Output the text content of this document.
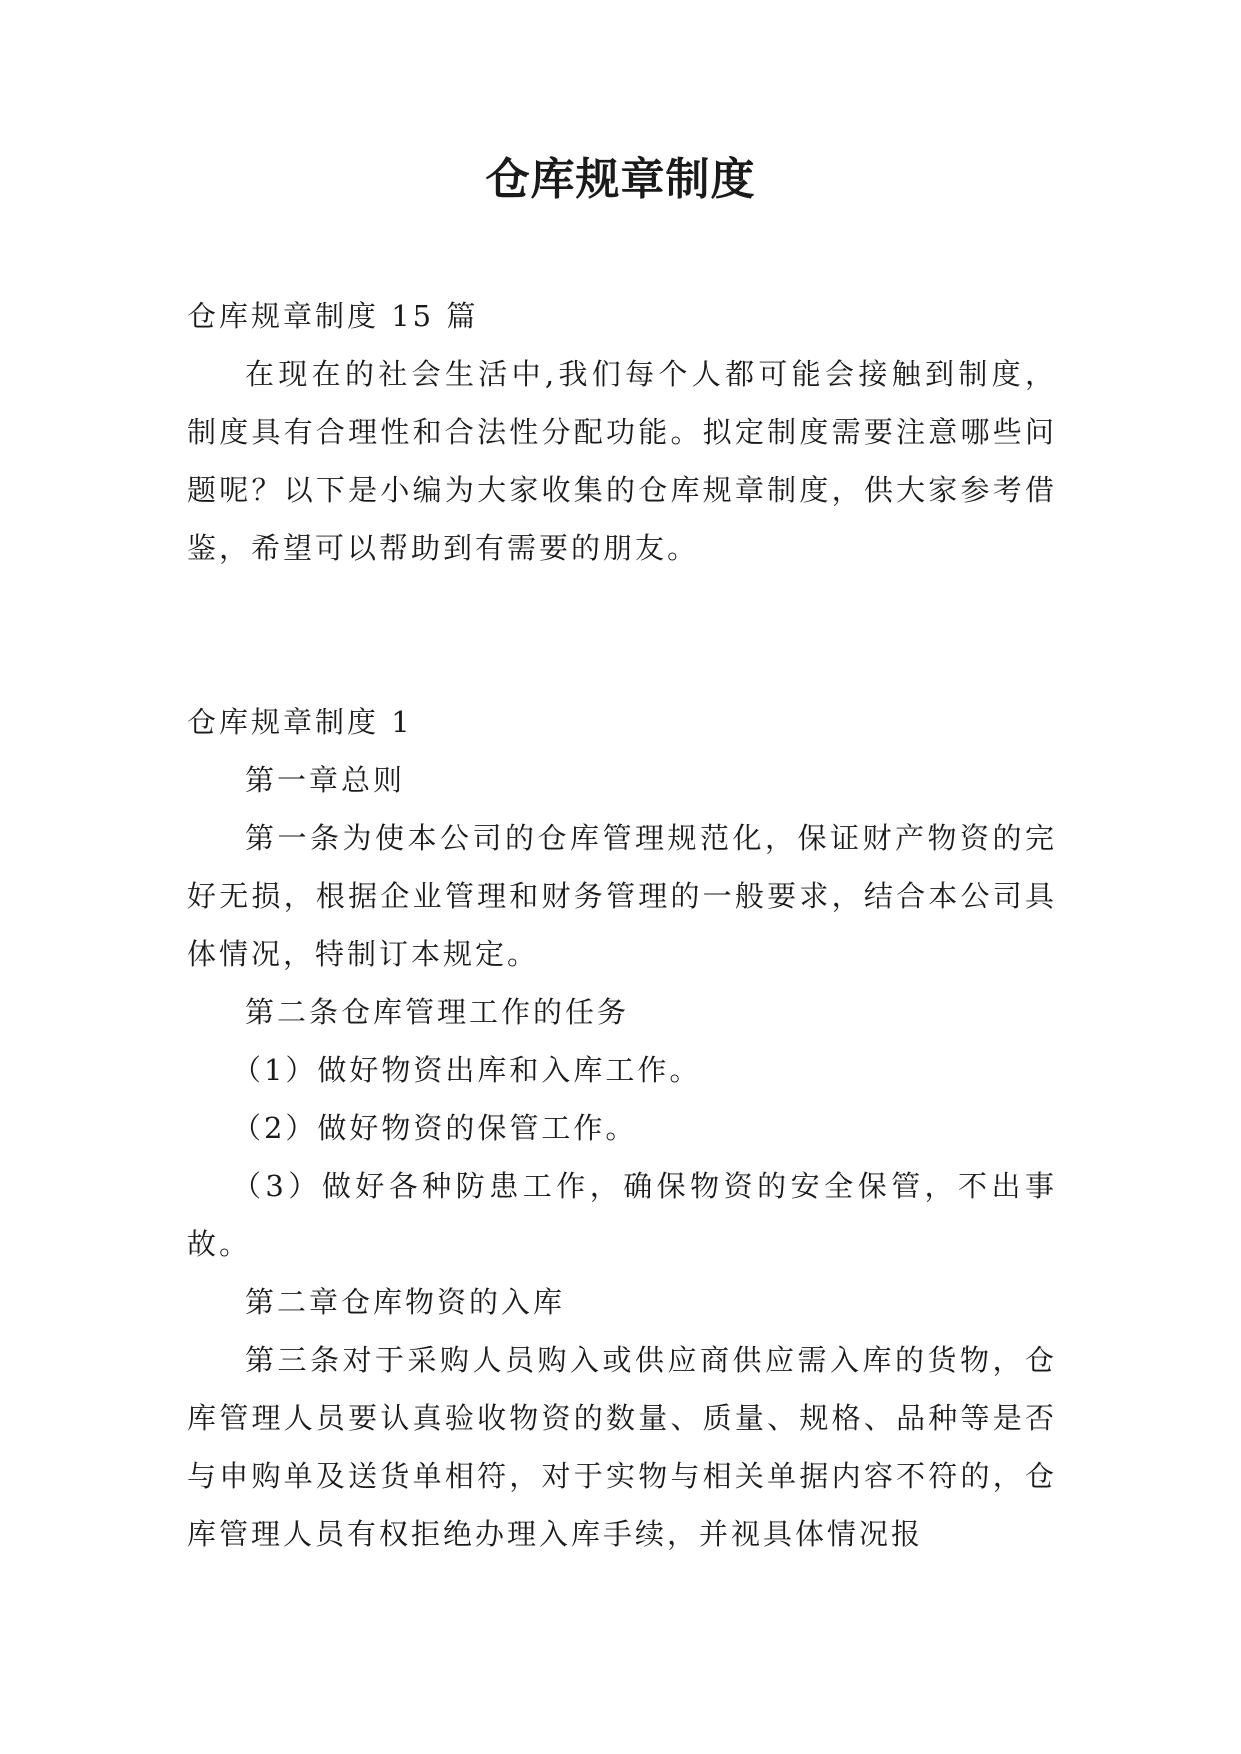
仓库规章制度

仓库规章制度 15 篇

在现在的社会生活中,我们每个人都可能会接触到制度，制度具有合理性和合法性分配功能。拟定制度需要注意哪些问题呢？以下是小编为大家收集的仓库规章制度，供大家参考借鉴，希望可以帮助到有需要的朋友。

仓库规章制度 1

第一章总则

第一条为使本公司的仓库管理规范化，保证财产物资的完好无损，根据企业管理和财务管理的一般要求，结合本公司具体情况，特制订本规定。

第二条仓库管理工作的任务

（1）做好物资出库和入库工作。

（2）做好物资的保管工作。

（3）做好各种防患工作，确保物资的安全保管，不出事故。

第二章仓库物资的入库

第三条对于采购人员购入或供应商供应需入库的货物，仓库管理人员要认真验收物资的数量、质量、规格、品种等是否与申购单及送货单相符，对于实物与相关单据内容不符的，仓库管理人员有权拒绝办理入库手续，并视具体情况报
